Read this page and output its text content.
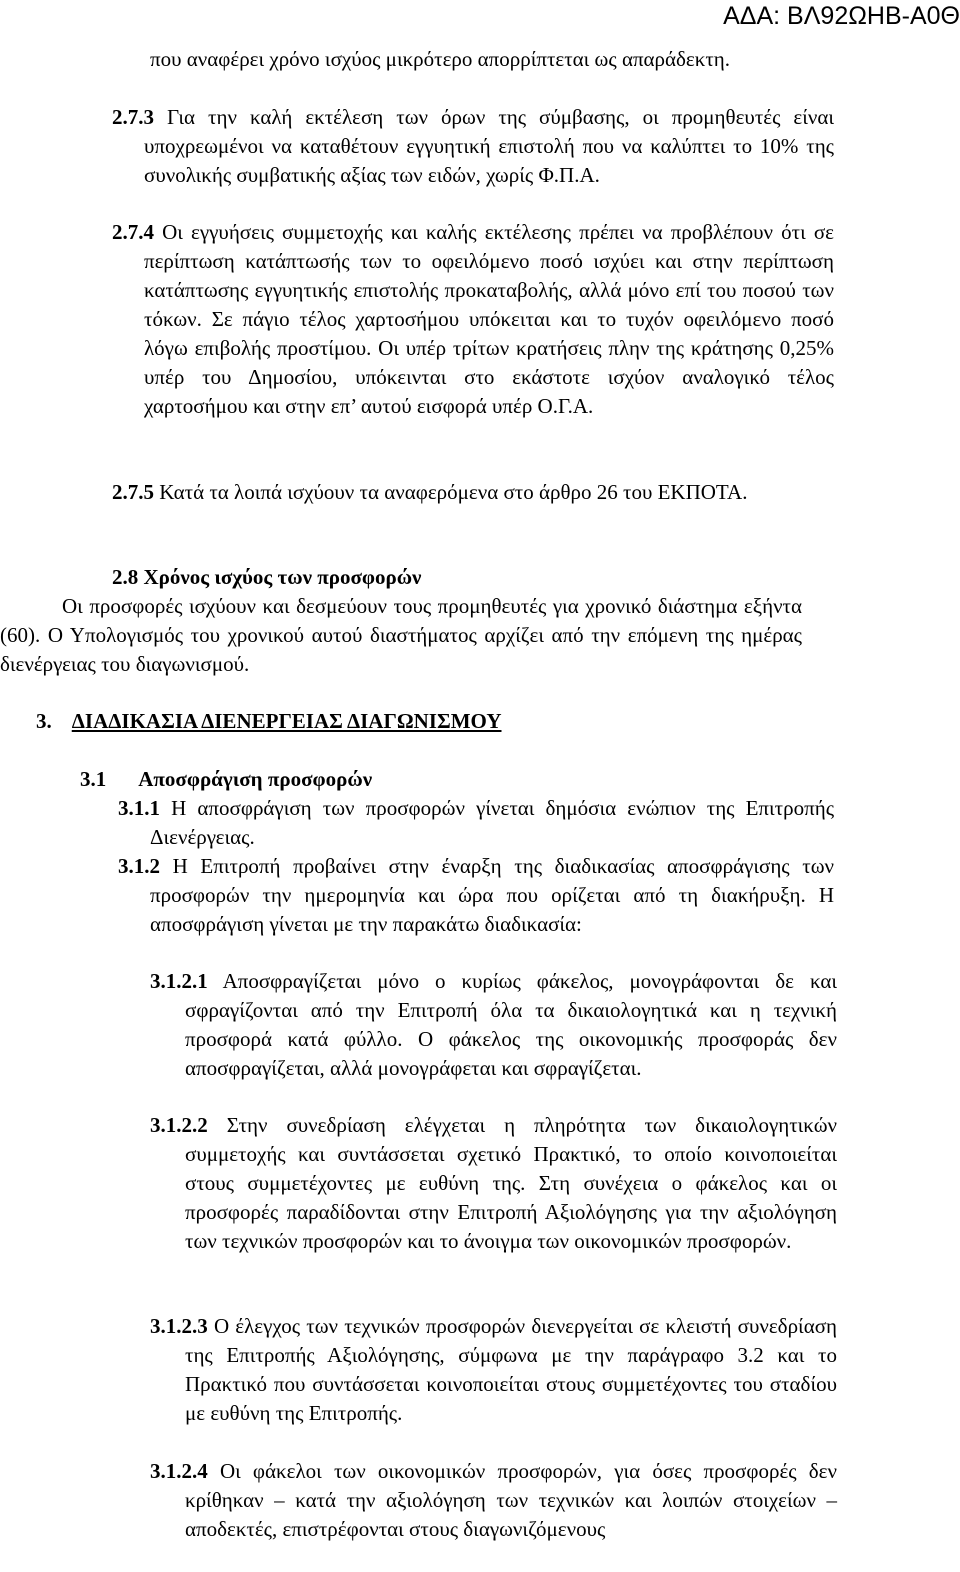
ΑΔΑ: ΒΛ92ΩΗΒ-Α0Θ
που αναφέρει χρόνο ισχύος μικρότερο απορρίπτεται ως απαράδεκτη.
2.7.3 Για την καλή εκτέλεση των όρων της σύμβασης, οι προμηθευτές είναι υποχρεωμένοι να καταθέτουν εγγυητική επιστολή που να καλύπτει το 10% της συνολικής συμβατικής αξίας των ειδών, χωρίς Φ.Π.Α.
2.7.4 Οι εγγυήσεις συμμετοχής και καλής εκτέλεσης πρέπει να προβλέπουν ότι σε περίπτωση κατάπτωσής των το οφειλόμενο ποσό ισχύει και στην περίπτωση κατάπτωσης εγγυητικής επιστολής προκαταβολής, αλλά μόνο επί του ποσού των τόκων. Σε πάγιο τέλος χαρτοσήμου υπόκειται και το τυχόν οφειλόμενο ποσό λόγω επιβολής προστίμου. Οι υπέρ τρίτων κρατήσεις πλην της κράτησης 0,25% υπέρ του Δημοσίου, υπόκεινται στο εκάστοτε ισχύον αναλογικό τέλος χαρτοσήμου και στην επ’ αυτού εισφορά υπέρ Ο.Γ.Α.
2.7.5 Κατά τα λοιπά ισχύουν τα αναφερόμενα στο άρθρο 26 του ΕΚΠΟΤΑ.
2.8 Χρόνος ισχύος των προσφορών
Οι προσφορές ισχύουν και δεσμεύουν τους προμηθευτές για χρονικό διάστημα εξήντα (60). Ο Υπολογισμός του χρονικού αυτού διαστήματος αρχίζει από την επόμενη της ημέρας διενέργειας του διαγωνισμού.
3. ΔΙΑΔΙΚΑΣΙΑ ΔΙΕΝΕΡΓΕΙΑΣ ΔΙΑΓΩΝΙΣΜΟΥ
3.1 Αποσφράγιση προσφορών
3.1.1 Η αποσφράγιση των προσφορών γίνεται δημόσια ενώπιον της Επιτροπής Διενέργειας.
3.1.2 Η Επιτροπή προβαίνει στην έναρξη της διαδικασίας αποσφράγισης των προσφορών την ημερομηνία και ώρα που ορίζεται από τη διακήρυξη. Η αποσφράγιση γίνεται με την παρακάτω διαδικασία:
3.1.2.1 Αποσφραγίζεται μόνο ο κυρίως φάκελος, μονογράφονται δε και σφραγίζονται από την Επιτροπή όλα τα δικαιολογητικά και η τεχνική προσφορά κατά φύλλο. Ο φάκελος της οικονομικής προσφοράς δεν αποσφραγίζεται, αλλά μονογράφεται και σφραγίζεται.
3.1.2.2 Στην συνεδρίαση ελέγχεται η πληρότητα των δικαιολογητικών συμμετοχής και συντάσσεται σχετικό Πρακτικό, το οποίο κοινοποιείται στους συμμετέχοντες με ευθύνη της. Στη συνέχεια ο φάκελος και οι προσφορές παραδίδονται στην Επιτροπή Αξιολόγησης για την αξιολόγηση των τεχνικών προσφορών και το άνοιγμα των οικονομικών προσφορών.
3.1.2.3 Ο έλεγχος των τεχνικών προσφορών διενεργείται σε κλειστή συνεδρίαση της Επιτροπής Αξιολόγησης, σύμφωνα με την παράγραφο 3.2 και το Πρακτικό που συντάσσεται κοινοποιείται στους συμμετέχοντες του σταδίου με ευθύνη της Επιτροπής.
3.1.2.4 Οι φάκελοι των οικονομικών προσφορών, για όσες προσφορές δεν κρίθηκαν – κατά την αξιολόγηση των τεχνικών και λοιπών στοιχείων – αποδεκτές, επιστρέφονται στους διαγωνιζόμενους
